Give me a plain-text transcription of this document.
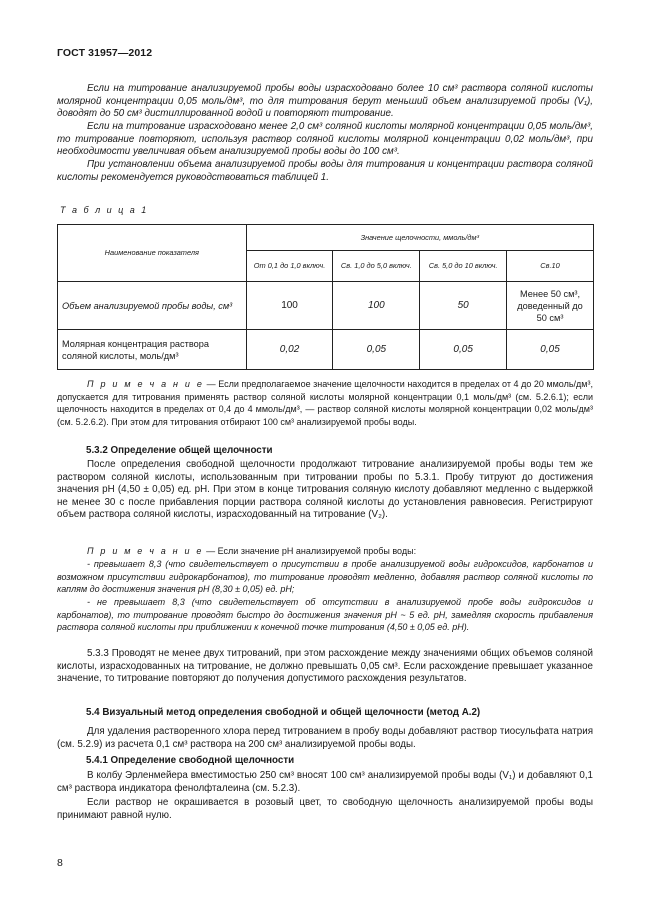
ГОСТ 31957—2012

Если на титрование анализируемой пробы воды израсходовано более 10 см³ раствора соляной кислоты молярной концентрации 0,05 моль/дм³, то для титрования берут меньший объем анализируемой пробы (V₁), доводят до 50 см³ дистиллированной водой и повторяют титрование.

Если на титрование израсходовано менее 2,0 см³ соляной кислоты молярной концентрации 0,05 моль/дм³, то титрование повторяют, используя раствор соляной кислоты молярной концентрации 0,02 моль/дм³, при необходимости увеличивая объем анализируемой пробы воды до 100 см³.

При установлении объема анализируемой пробы воды для титрования и концентрации раствора соляной кислоты рекомендуется руководствоваться таблицей 1.

Т а б л и ц а 1
Наименование показателя	Значение щелочности, ммоль/дм³			
	От 0,1 до 1,0 включ.	Св. 1,0 до 5,0 включ.	Св. 5,0 до 10 включ.	Св.10
Объем анализируемой пробы воды, см³	100	100	50	Менее 50 см³, доведенный до 50 см³
Молярная концентрация раствора соляной кислоты, моль/дм³	0,02	0,05	0,05	0,05

П р и м е ч а н и е — Если предполагаемое значение щелочности находится в пределах от 4 до 20 ммоль/дм³, допускается для титрования применять раствор соляной кислоты молярной концентрации 0,1 моль/дм³ (см. 5.2.6.1); если щелочность находится в пределах от 0,4 до 4 ммоль/дм³, — раствор соляной кислоты молярной концентрации 0,02 моль/дм³ (см. 5.2.6.2). При этом для титрования отбирают 100 см³ анализируемой пробы воды.

5.3.2 Определение общей щелочности

После определения свободной щелочности продолжают титрование анализируемой пробы воды тем же раствором соляной кислоты, использованным при титровании пробы по 5.3.1. Пробу титруют до достижения значения pH (4,50 ± 0,05) ед. pH. При этом в конце титрования соляную кислоту добавляют медленно с выдержкой не менее 30 с после прибавления порции раствора соляной кислоты до установления равновесия. Регистрируют объем раствора соляной кислоты, израсходованный на титрование (V₂).

П р и м е ч а н и е — Если значение pH анализируемой пробы воды:

- превышает 8,3 (что свидетельствует о присутствии в пробе анализируемой воды гидроксидов, карбонатов и возможном присутствии гидрокарбонатов), то титрование проводят медленно, добавляя раствор соляной кислоты по каплям до достижения значения pH (8,30 ± 0,05) ед. pH;

- не превышает 8,3 (что свидетельствует об отсутствии в анализируемой пробе воды гидроксидов и карбонатов), то титрование проводят быстро до достижения значения pH ~ 5 ед. pH, замедляя скорость прибавления раствора соляной кислоты при приближении к конечной точке титрования (4,50 ± 0,05 ед. pH).

5.3.3 Проводят не менее двух титрований, при этом расхождение между значениями общих объемов соляной кислоты, израсходованных на титрование, не должно превышать 0,05 см³. Если расхождение превышает указанное значение, то титрование повторяют до получения допустимого расхождения результатов.

5.4 Визуальный метод определения свободной и общей щелочности (метод А.2)

Для удаления растворенного хлора перед титрованием в пробу воды добавляют раствор тиосульфата натрия (см. 5.2.9) из расчета 0,1 см³ раствора на 200 см³ анализируемой пробы воды.

5.4.1 Определение свободной щелочности

В колбу Эрленмейера вместимостью 250 см³ вносят 100 см³ анализируемой пробы воды (V₁) и добавляют 0,1 см³ раствора индикатора фенолфталеина (см. 5.2.3).

Если раствор не окрашивается в розовый цвет, то свободную щелочность анализируемой пробы воды принимают равной нулю.

8
